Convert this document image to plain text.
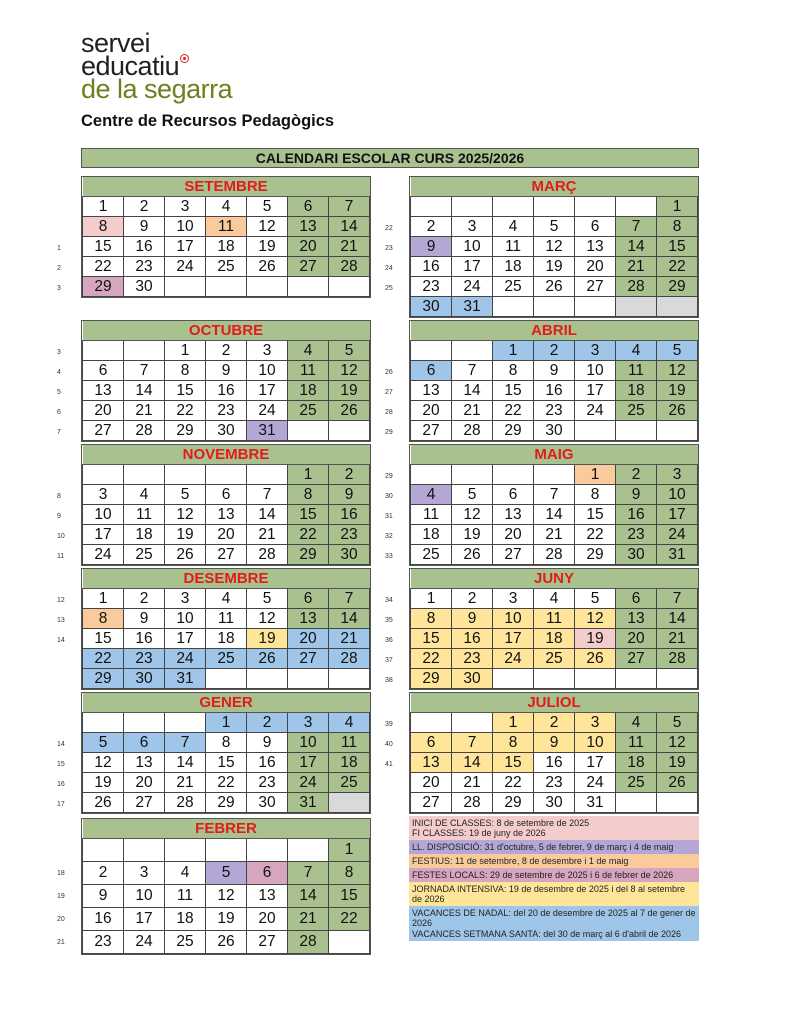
servei
educatiu
de la segarra
Centre de Recursos Pedagògics
CALENDARI ESCOLAR CURS 2025/2026
SETEMBRE						
1	2	3	4	5	6	7
8	9	10	11	12	13	14
15	16	17	18	19	20	21
22	23	24	25	26	27	28
29	30					
1
2
3
MARÇ						
						1
2	3	4	5	6	7	8
9	10	11	12	13	14	15
16	17	18	19	20	21	22
23	24	25	26	27	28	29
30	31					
22
23
24
25
OCTUBRE						
		1	2	3	4	5
6	7	8	9	10	11	12
13	14	15	16	17	18	19
20	21	22	23	24	25	26
27	28	29	30	31		
3
4
5
6
7
ABRIL						
		1	2	3	4	5
6	7	8	9	10	11	12
13	14	15	16	17	18	19
20	21	22	23	24	25	26
27	28	29	30			
26
27
28
29
NOVEMBRE						
					1	2
3	4	5	6	7	8	9
10	11	12	13	14	15	16
17	18	19	20	21	22	23
24	25	26	27	28	29	30
8
9
10
11
MAIG						
				1	2	3
4	5	6	7	8	9	10
11	12	13	14	15	16	17
18	19	20	21	22	23	24
25	26	27	28	29	30	31
29
30
31
32
33
DESEMBRE						
1	2	3	4	5	6	7
8	9	10	11	12	13	14
15	16	17	18	19	20	21
22	23	24	25	26	27	28
29	30	31				
12
13
14
JUNY						
1	2	3	4	5	6	7
8	9	10	11	12	13	14
15	16	17	18	19	20	21
22	23	24	25	26	27	28
29	30					
34
35
36
37
38
GENER						
			1	2	3	4
5	6	7	8	9	10	11
12	13	14	15	16	17	18
19	20	21	22	23	24	25
26	27	28	29	30	31	
14
15
16
17
JULIOL						
		1	2	3	4	5
6	7	8	9	10	11	12
13	14	15	16	17	18	19
20	21	22	23	24	25	26
27	28	29	30	31		
39
40
41
FEBRER						
						1
2	3	4	5	6	7	8
9	10	11	12	13	14	15
16	17	18	19	20	21	22
23	24	25	26	27	28	
18
19
20
21
INICI DE CLASSES: 8 de setembre de 2025
FI CLASSES: 19 de juny de 2026
LL. DISPOSICIÓ: 31 d'octubre, 5 de febrer, 9 de març i 4 de maig
FESTIUS: 11 de setembre, 8 de desembre i 1 de maig
FESTES LOCALS: 29 de setembre de 2025 i 6 de febrer de 2026
JORNADA INTENSIVA: 19 de desembre de 2025 i del 8 al setembre de 2026
VACANCES DE NADAL: del 20 de desembre de 2025 al 7 de gener de 2026
VACANCES SETMANA SANTA: del 30 de març al 6 d'abril de 2026
